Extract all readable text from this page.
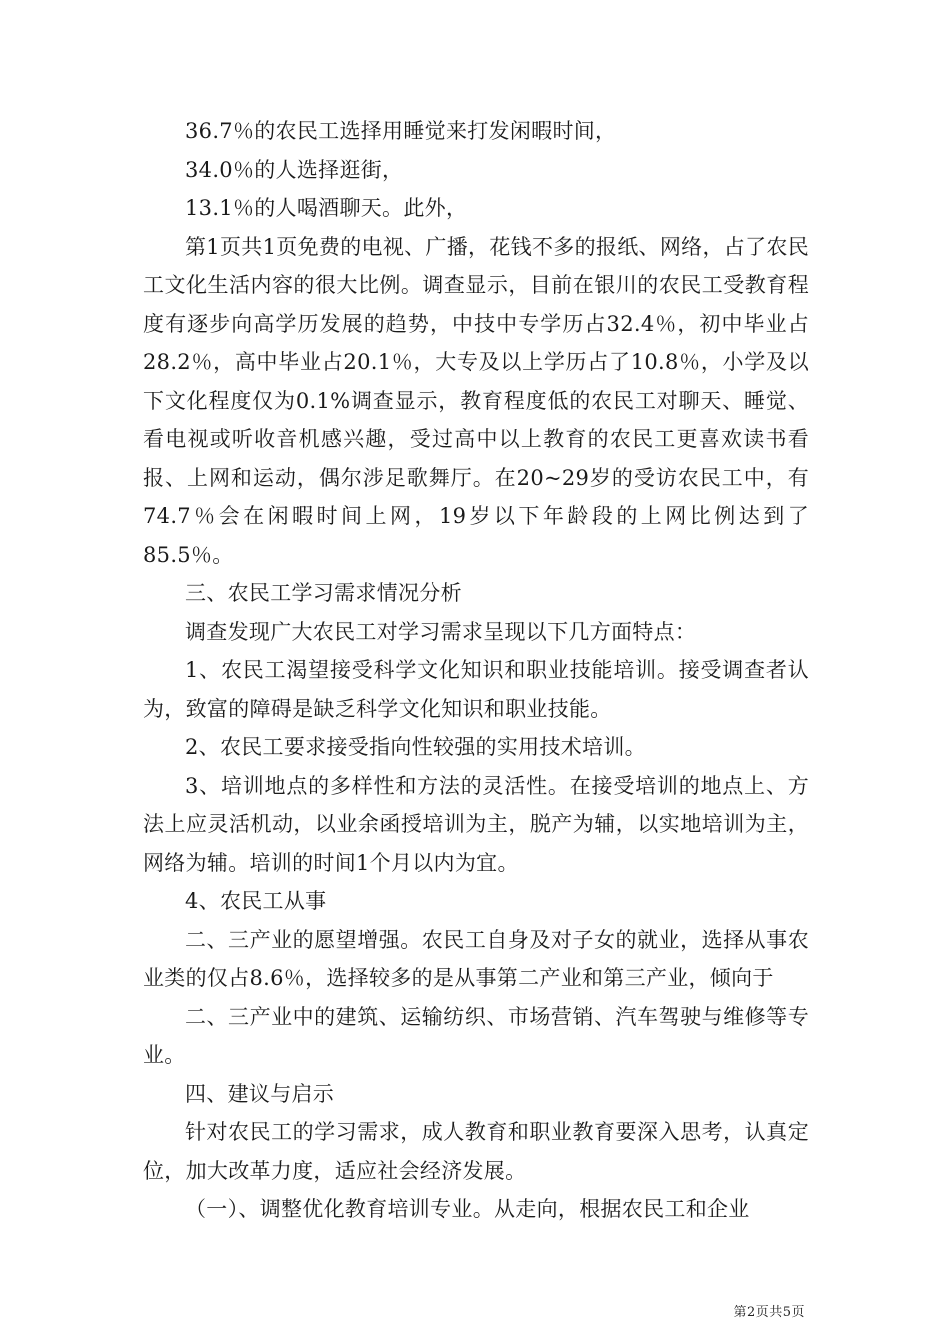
36.7％的农民工选择用睡觉来打发闲暇时间，

34.0％的人选择逛街，

13.1％的人喝酒聊天。此外，

第1页共1页免费的电视、广播，花钱不多的报纸、网络，占了农民工文化生活内容的很大比例。调查显示，目前在银川的农民工受教育程度有逐步向高学历发展的趋势，中技中专学历占32.4％，初中毕业占28.2％，高中毕业占20.1％，大专及以上学历占了10.8％，小学及以下文化程度仅为0.1%调查显示，教育程度低的农民工对聊天、睡觉、看电视或听收音机感兴趣，受过高中以上教育的农民工更喜欢读书看报、上网和运动，偶尔涉足歌舞厅。在20~29岁的受访农民工中，有74.7％会在闲暇时间上网，19岁以下年龄段的上网比例达到了85.5％。

三、农民工学习需求情况分析

调查发现广大农民工对学习需求呈现以下几方面特点：

1、农民工渴望接受科学文化知识和职业技能培训。接受调查者认为，致富的障碍是缺乏科学文化知识和职业技能。

2、农民工要求接受指向性较强的实用技术培训。

3、培训地点的多样性和方法的灵活性。在接受培训的地点上、方法上应灵活机动，以业余函授培训为主，脱产为辅，以实地培训为主，网络为辅。培训的时间1个月以内为宜。

4、农民工从事

二、三产业的愿望增强。农民工自身及对子女的就业，选择从事农业类的仅占8.6％，选择较多的是从事第二产业和第三产业，倾向于

二、三产业中的建筑、运输纺织、市场营销、汽车驾驶与维修等专业。

四、建议与启示

针对农民工的学习需求，成人教育和职业教育要深入思考，认真定位，加大改革力度，适应社会经济发展。

（一）、调整优化教育培训专业。从走向，根据农民工和企业

第2页共5页
